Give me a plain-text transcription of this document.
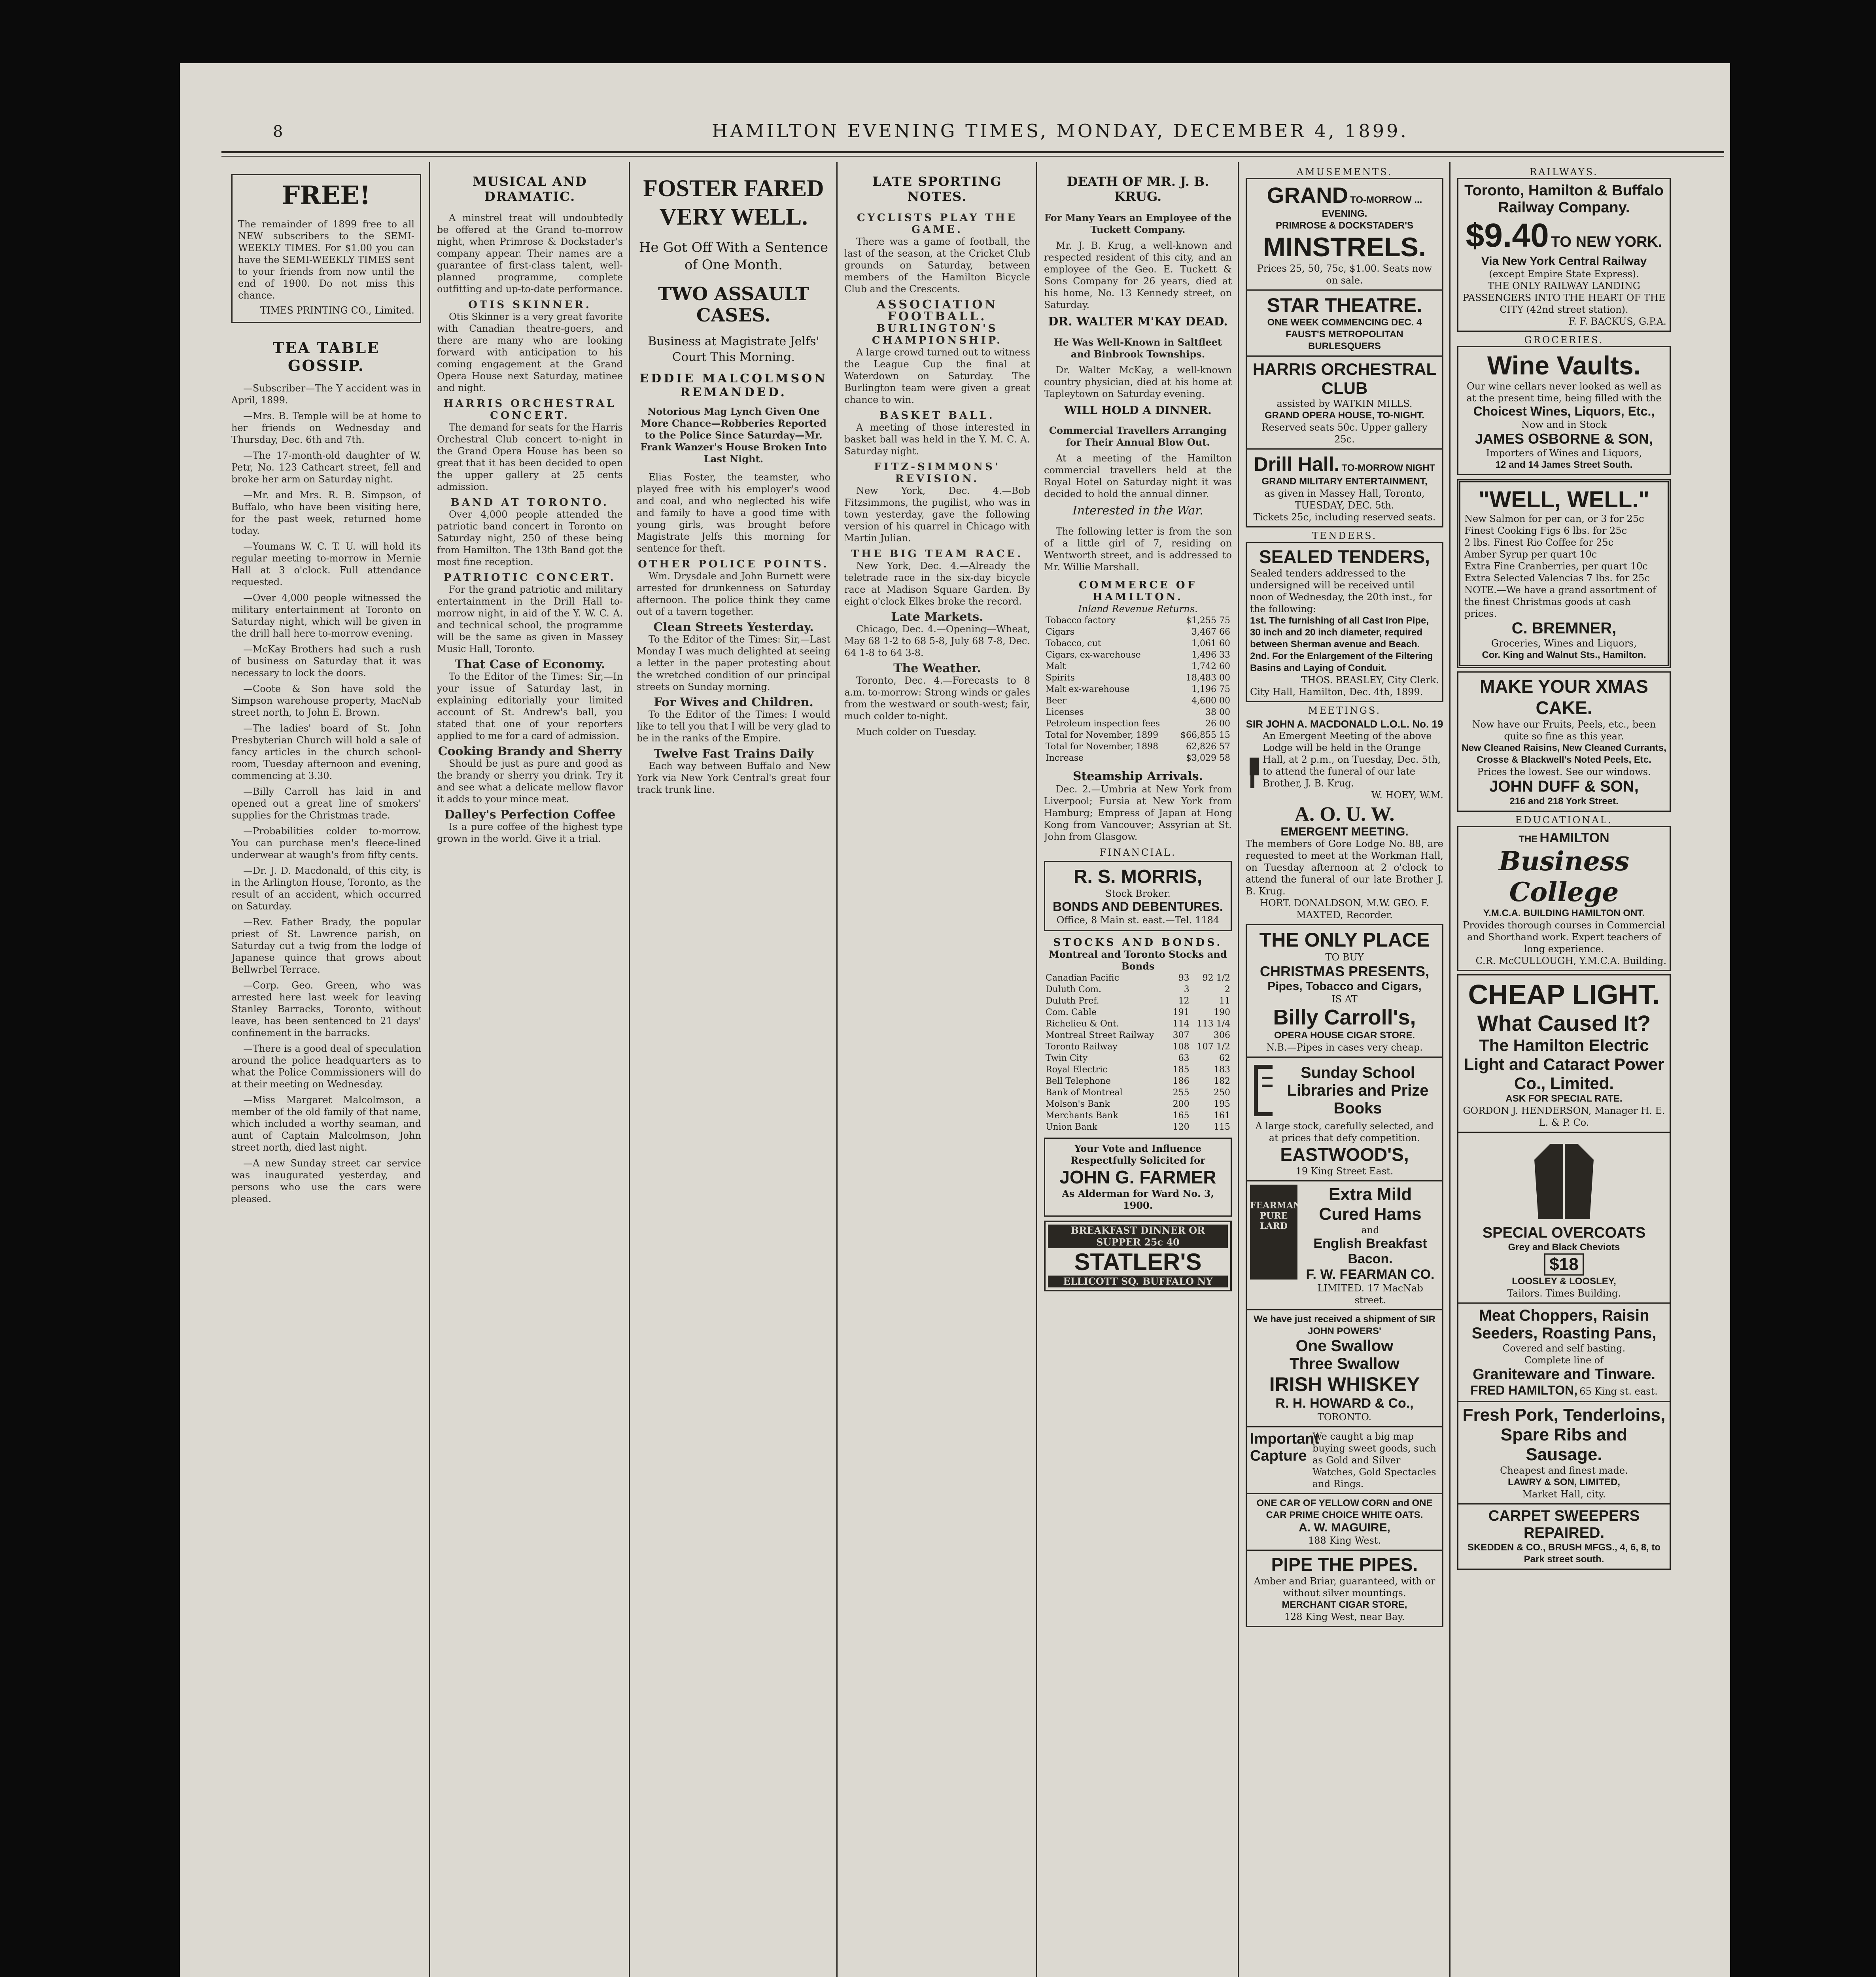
8	HAMILTON EVENING TIMES, MONDAY, DECEMBER 4, 1899.
FREE!
The remainder of 1899 free to all NEW subscribers to the SEMI-WEEKLY TIMES. For $1.00 you can have the SEMI-WEEKLY TIMES sent to your friends from now until the end of 1900. Do not miss this chance.
TIMES PRINTING CO., Limited.
TEA TABLE GOSSIP.

—Subscriber—The Y accident was in April, 1899.

—Mrs. B. Temple will be at home to her friends on Wednesday and Thursday, Dec. 6th and 7th.

—The 17-month-old daughter of W. Petr, No. 123 Cathcart street, fell and broke her arm on Saturday night.

—Mr. and Mrs. R. B. Simpson, of Buffalo, who have been visiting here, for the past week, returned home today.

—Youmans W. C. T. U. will hold its regular meeting to-morrow in Mernie Hall at 3 o'clock. Full attendance requested.

—Over 4,000 people witnessed the military entertainment at Toronto on Saturday night, which will be given in the drill hall here to-morrow evening.

—McKay Brothers had such a rush of business on Saturday that it was necessary to lock the doors.

—Coote & Son have sold the Simpson warehouse property, MacNab street north, to John E. Brown.

—The ladies' board of St. John Presbyterian Church will hold a sale of fancy articles in the church school-room, Tuesday afternoon and evening, commencing at 3.30.

—Billy Carroll has laid in and opened out a great line of smokers' supplies for the Christmas trade.

—Probabilities colder to-morrow. You can purchase men's fleece-lined underwear at waugh's from fifty cents.

—Dr. J. D. Macdonald, of this city, is in the Arlington House, Toronto, as the result of an accident, which occurred on Saturday.

—Rev. Father Brady, the popular priest of St. Lawrence parish, on Saturday cut a twig from the lodge of Japanese quince that grows about Bellwrbel Terrace.

—Corp. Geo. Green, who was arrested here last week for leaving Stanley Barracks, Toronto, without leave, has been sentenced to 21 days' confinement in the barracks.

—There is a good deal of speculation around the police headquarters as to what the Police Commissioners will do at their meeting on Wednesday.

—Miss Margaret Malcolmson, a member of the old family of that name, which included a worthy seaman, and aunt of Captain Malcolmson, John street north, died last night.

—A new Sunday street car service was inaugurated yesterday, and persons who use the cars were pleased.

MUSICAL AND DRAMATIC.

A minstrel treat will undoubtedly be offered at the Grand to-morrow night, when Primrose & Dockstader's company appear. Their names are a guarantee of first-class talent, well-planned programme, complete outfitting and up-to-date performance.

OTIS SKINNER.

Otis Skinner is a very great favorite with Canadian theatre-goers, and there are many who are looking forward with anticipation to his coming engagement at the Grand Opera House next Saturday, matinee and night.

HARRIS ORCHESTRAL CONCERT.

The demand for seats for the Harris Orchestral Club concert to-night in the Grand Opera House has been so great that it has been decided to open the upper gallery at 25 cents admission.

BAND AT TORONTO.

Over 4,000 people attended the patriotic band concert in Toronto on Saturday night, 250 of these being from Hamilton. The 13th Band got the most fine reception.

PATRIOTIC CONCERT.

For the grand patriotic and military entertainment in the Drill Hall to-morrow night, in aid of the Y. W. C. A. and technical school, the programme will be the same as given in Massey Music Hall, Toronto.

That Case of Economy.

To the Editor of the Times: Sir,—In your issue of Saturday last, in explaining editorially your limited account of St. Andrew's ball, you stated that one of your reporters applied to me for a card of admission.

Cooking Brandy and Sherry

Should be just as pure and good as the brandy or sherry you drink. Try it and see what a delicate mellow flavor it adds to your mince meat.

Dalley's Perfection Coffee

Is a pure coffee of the highest type grown in the world. Give it a trial.

FOSTER FARED VERY WELL.
He Got Off With a Sentence of One Month.
TWO ASSAULT CASES.
Business at Magistrate Jelfs' Court This Morning.
EDDIE MALCOLMSON REMANDED.
Notorious Mag Lynch Given One More Chance—Robberies Reported to the Police Since Saturday—Mr. Frank Wanzer's House Broken Into Last Night.

Elias Foster, the teamster, who played free with his employer's wood and coal, and who neglected his wife and family to have a good time with young girls, was brought before Magistrate Jelfs this morning for sentence for theft.

OTHER POLICE POINTS.

Wm. Drysdale and John Burnett were arrested for drunkenness on Saturday afternoon. The police think they came out of a tavern together.

Clean Streets Yesterday.

To the Editor of the Times: Sir,—Last Monday I was much delighted at seeing a letter in the paper protesting about the wretched condition of our principal streets on Sunday morning.

For Wives and Children.

To the Editor of the Times: I would like to tell you that I will be very glad to be in the ranks of the Empire.

Twelve Fast Trains Daily

Each way between Buffalo and New York via New York Central's great four track trunk line.

LATE SPORTING NOTES.
CYCLISTS PLAY THE GAME.

There was a game of football, the last of the season, at the Cricket Club grounds on Saturday, between members of the Hamilton Bicycle Club and the Crescents.

ASSOCIATION FOOTBALL.
BURLINGTON'S CHAMPIONSHIP.

A large crowd turned out to witness the League Cup the final at Waterdown on Saturday. The Burlington team were given a great chance to win.

BASKET BALL.

A meeting of those interested in basket ball was held in the Y. M. C. A. Saturday night.

FITZ-SIMMONS' REVISION.

New York, Dec. 4.—Bob Fitzsimmons, the pugilist, who was in town yesterday, gave the following version of his quarrel in Chicago with Martin Julian.

THE BIG TEAM RACE.

New York, Dec. 4.—Already the teletrade race in the six-day bicycle race at Madison Square Garden. By eight o'clock Elkes broke the record.

Late Markets.

Chicago, Dec. 4.—Opening—Wheat, May 68 1-2 to 68 5-8, July 68 7-8, Dec. 64 1-8 to 64 3-8.

The Weather.

Toronto, Dec. 4.—Forecasts to 8 a.m. to-morrow: Strong winds or gales from the westward or south-west; fair, much colder to-night.

Much colder on Tuesday.

DEATH OF MR. J. B. KRUG.
For Many Years an Employee of the Tuckett Company.

Mr. J. B. Krug, a well-known and respected resident of this city, and an employee of the Geo. E. Tuckett & Sons Company for 26 years, died at his home, No. 13 Kennedy street, on Saturday.

DR. WALTER M'KAY DEAD.
He Was Well-Known in Saltfleet and Binbrook Townships.

Dr. Walter McKay, a well-known country physician, died at his home at Tapleytown on Saturday evening.

WILL HOLD A DINNER.
Commercial Travellers Arranging for Their Annual Blow Out.

At a meeting of the Hamilton commercial travellers held at the Royal Hotel on Saturday night it was decided to hold the annual dinner.

Interested in the War.

The following letter is from the son of a little girl of 7, residing on Wentworth street, and is addressed to Mr. Willie Marshall.

COMMERCE OF HAMILTON.
Inland Revenue Returns.
Tobacco factory	$1,255 75
Cigars	3,467 66
Tobacco, cut	1,061 60
Cigars, ex-warehouse	1,496 33
Malt	1,742 60
Spirits	18,483 00
Malt ex-warehouse	1,196 75
Beer	4,600 00
Licenses	38 00
Petroleum inspection fees	26 00
Total for November, 1899	$66,855 15
Total for November, 1898	62,826 57
Increase	$3,029 58
Steamship Arrivals.

Dec. 2.—Umbria at New York from Liverpool; Fursia at New York from Hamburg; Empress of Japan at Hong Kong from Vancouver; Assyrian at St. John from Glasgow.

FINANCIAL.
R. S. MORRIS,
Stock Broker.
BONDS AND DEBENTURES.
Office, 8 Main st. east.—Tel. 1184
STOCKS AND BONDS.
Montreal and Toronto Stocks and Bonds
Canadian Pacific	93	92 1/2
Duluth Com.	3	2
Duluth Pref.	12	11
Com. Cable	191	190
Richelieu & Ont.	114	113 1/4
Montreal Street Railway	307	306
Toronto Railway	108	107 1/2
Twin City	63	62
Royal Electric	185	183
Bell Telephone	186	182
Bank of Montreal	255	250
Molson's Bank	200	195
Merchants Bank	165	161
Union Bank	120	115
Your Vote and Influence Respectfully Solicited for
JOHN G. FARMER
As Alderman for Ward No. 3, 1900.
BREAKFAST DINNER OR SUPPER 25c 40
STATLER'S
ELLICOTT SQ. BUFFALO NY
AMUSEMENTS.
GRAND TO-MORROW ... EVENING.
PRIMROSE & DOCKSTADER'S
MINSTRELS.
Prices 25, 50, 75c, $1.00. Seats now on sale.
STAR THEATRE.
ONE WEEK COMMENCING DEC. 4
FAUST'S METROPOLITAN BURLESQUERS
HARRIS ORCHESTRAL CLUB
assisted by WATKIN MILLS.
GRAND OPERA HOUSE, TO-NIGHT.
Reserved seats 50c. Upper gallery 25c.
Drill Hall. TO-MORROW NIGHT
GRAND MILITARY ENTERTAINMENT,
as given in Massey Hall, Toronto, TUESDAY, DEC. 5th.
Tickets 25c, including reserved seats.
TENDERS.
SEALED TENDERS,
Sealed tenders addressed to the undersigned will be received until noon of Wednesday, the 20th inst., for the following:
1st. The furnishing of all Cast Iron Pipe, 30 inch and 20 inch diameter, required between Sherman avenue and Beach.
2nd. For the Enlargement of the Filtering Basins and Laying of Conduit.
THOS. BEASLEY, City Clerk.
City Hall, Hamilton, Dec. 4th, 1899.
MEETINGS.
SIR JOHN A. MACDONALD L.O.L. No. 19
An Emergent Meeting of the above Lodge will be held in the Orange Hall, at 2 p.m., on Tuesday, Dec. 5th, to attend the funeral of our late Brother, J. B. Krug.
W. HOEY, W.M.
A. O. U. W.
EMERGENT MEETING.
The members of Gore Lodge No. 88, are requested to meet at the Workman Hall, on Tuesday afternoon at 2 o'clock to attend the funeral of our late Brother J. B. Krug.
HORT. DONALDSON, M.W. GEO. F. MAXTED, Recorder.
THE ONLY PLACE
TO BUY
CHRISTMAS PRESENTS,
Pipes, Tobacco and Cigars,
IS AT
Billy Carroll's,
OPERA HOUSE CIGAR STORE.
N.B.—Pipes in cases very cheap.
Sunday School Libraries and Prize Books
A large stock, carefully selected, and at prices that defy competition.
EASTWOOD'S,
19 King Street East.
FEARMAN'S PURE LARD
Extra Mild Cured Hams
and
English Breakfast Bacon.
F. W. FEARMAN CO.
LIMITED. 17 MacNab street.
We have just received a shipment of SIR JOHN POWERS'
One Swallow
Three Swallow
IRISH WHISKEY
R. H. HOWARD & Co.,
TORONTO.
Important Capture
We caught a big map buying sweet goods, such as Gold and Silver Watches, Gold Spectacles and Rings.
ONE CAR OF YELLOW CORN and ONE CAR PRIME CHOICE WHITE OATS.
A. W. MAGUIRE,
188 King West.
PIPE THE PIPES.
Amber and Briar, guaranteed, with or without silver mountings.
MERCHANT CIGAR STORE,
128 King West, near Bay.
RAILWAYS.
Toronto, Hamilton & Buffalo Railway Company.
$9.40 TO NEW YORK.
Via New York Central Railway
(except Empire State Express).
THE ONLY RAILWAY LANDING PASSENGERS INTO THE HEART OF THE CITY (42nd street station).
F. F. BACKUS, G.P.A.
GROCERIES.
Wine Vaults.
Our wine cellars never looked as well as at the present time, being filled with the
Choicest Wines, Liquors, Etc.,
Now and in Stock
JAMES OSBORNE & SON,
Importers of Wines and Liquors,
12 and 14 James Street South.
"WELL, WELL."
New Salmon for per can, or 3 for 25c
Finest Cooking Figs 6 lbs. for 25c
2 lbs. Finest Rio Coffee for 25c
Amber Syrup per quart 10c
Extra Fine Cranberries, per quart 10c
Extra Selected Valencias 7 lbs. for 25c
NOTE.—We have a grand assortment of the finest Christmas goods at cash prices.
C. BREMNER,
Groceries, Wines and Liquors,
Cor. King and Walnut Sts., Hamilton.
MAKE YOUR XMAS CAKE.
Now have our Fruits, Peels, etc., been quite so fine as this year.
New Cleaned Raisins, New Cleaned Currants, Crosse & Blackwell's Noted Peels, Etc.
Prices the lowest. See our windows.
JOHN DUFF & SON,
216 and 218 York Street.
EDUCATIONAL.
THE HAMILTON
Business College
Y.M.C.A. BUILDING HAMILTON ONT.
Provides thorough courses in Commercial and Shorthand work. Expert teachers of long experience.
C.R. McCULLOUGH, Y.M.C.A. Building.
CHEAP LIGHT.
What Caused It?
The Hamilton Electric Light and Cataract Power Co., Limited.
ASK FOR SPECIAL RATE.
GORDON J. HENDERSON, Manager H. E. L. & P. Co.
SPECIAL OVERCOATS
Grey and Black Cheviots
$18
LOOSLEY & LOOSLEY,
Tailors. Times Building.
Meat Choppers, Raisin Seeders, Roasting Pans,
Covered and self basting.
Complete line of
Graniteware and Tinware.
FRED HAMILTON, 65 King st. east.
Fresh Pork, Tenderloins, Spare Ribs and Sausage.
Cheapest and finest made.
LAWRY & SON, LIMITED,
Market Hall, city.
CARPET SWEEPERS REPAIRED.
SKEDDEN & CO., BRUSH MFGS., 4, 6, 8, to Park street south.
